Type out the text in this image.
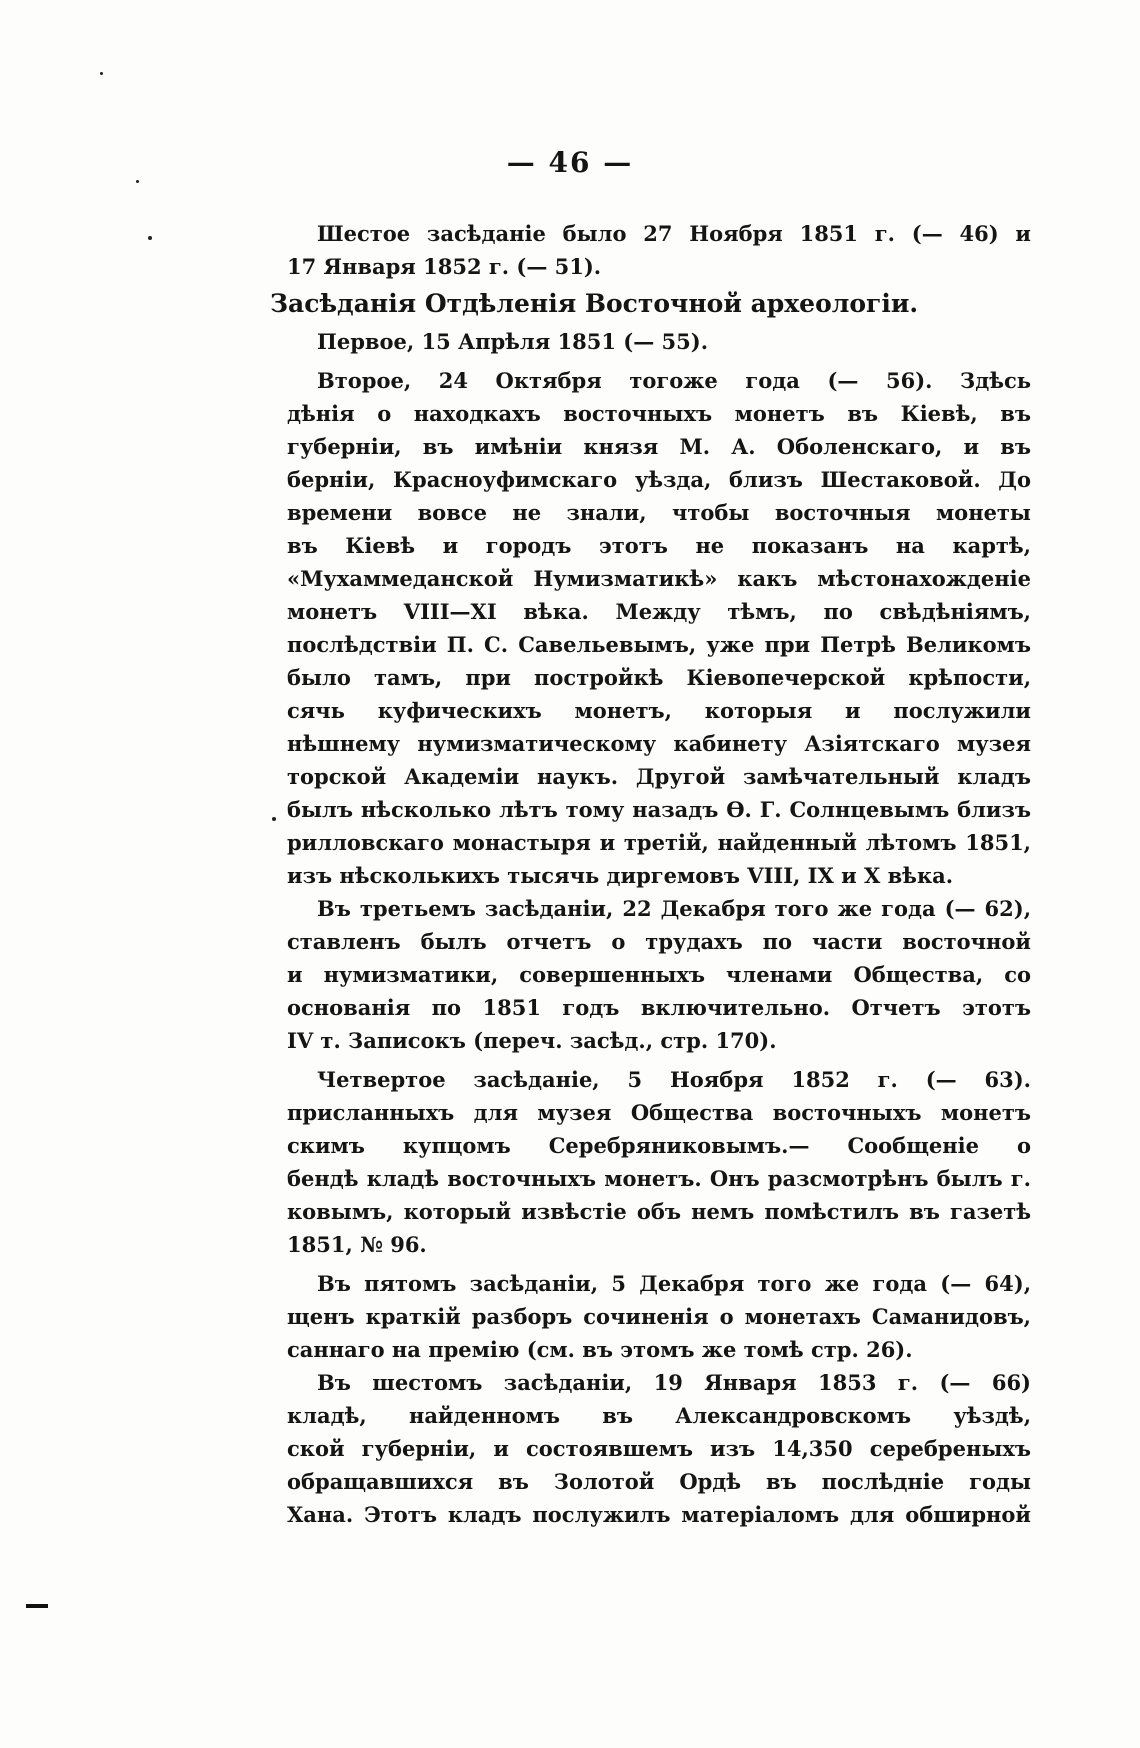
— 46 —
Шестое засѣданіе было 27 Ноября 1851 г. (— 46) и
17 Января 1852 г. (— 51).
Засѣданія Отдѣленія Восточной археологіи.
Первое, 15 Апрѣля 1851 (— 55).
Второе, 24 Октября тогоже года (— 56). Здѣсь
дѣнія о находкахъ восточныхъ монетъ въ Кіевѣ, въ
губерніи, въ имѣніи князя М. А. Оболенскаго, и въ
берніи, Красноуфимскаго уѣзда, близъ Шестаковой. До
времени вовсе не знали, чтобы восточныя монеты
въ Кіевѣ и городъ этотъ не показанъ на картѣ,
«Мухаммеданской Нумизматикѣ» какъ мѣстонахожденіе
монетъ VIII—XI вѣка. Между тѣмъ, по свѣдѣніямъ,
послѣдствіи П. С. Савельевымъ, уже при Петрѣ Великомъ
было тамъ, при постройкѣ Кіевопечерской крѣпости,
сячь куфическихъ монетъ, которыя и послужили
нѣшнему нумизматическому кабинету Азіятскаго музея
торской Академіи наукъ. Другой замѣчательный кладъ
былъ нѣсколько лѣтъ тому назадъ Ѳ. Г. Солнцевымъ близъ
рилловскаго монастыря и третій, найденный лѣтомъ 1851,
изъ нѣсколькихъ тысячь диргемовъ VIII, IX и X вѣка.
Въ третьемъ засѣданіи, 22 Декабря того же года (— 62),
ставленъ былъ отчетъ о трудахъ по части восточной
и нумизматики, совершенныхъ членами Общества, со
основанія по 1851 годъ включительно. Отчетъ этотъ
IV т. Записокъ (переч. засѣд., стр. 170).
Четвертое засѣданіе, 5 Ноября 1852 г. (— 63).
присланныхъ для музея Общества восточныхъ монетъ
скимъ купцомъ Серебряниковымъ.— Сообщеніе о
бендѣ кладѣ восточныхъ монетъ. Онъ разсмотрѣнъ былъ г.
ковымъ, который извѣстіе объ немъ помѣстилъ въ газетѣ
1851, № 96.
Въ пятомъ засѣданіи, 5 Декабря того же года (— 64),
щенъ краткій разборъ сочиненія о монетахъ Саманидовъ,
саннаго на премію (см. въ этомъ же томѣ стр. 26).
Въ шестомъ засѣданіи, 19 Января 1853 г. (— 66)
кладѣ, найденномъ въ Александровскомъ уѣздѣ,
ской губерніи, и состоявшемъ изъ 14,350 серебреныхъ
обращавшихся въ Золотой Ордѣ въ послѣдніе годы
Хана. Этотъ кладъ послужилъ матеріаломъ для обширной
